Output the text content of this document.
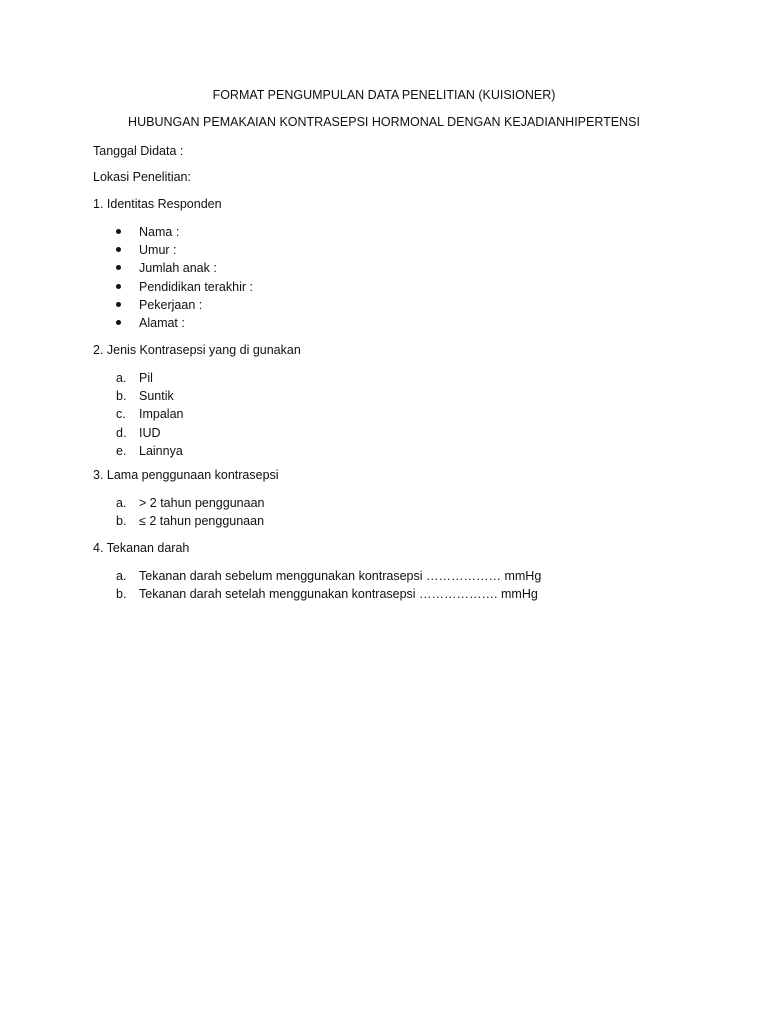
FORMAT PENGUMPULAN DATA PENELITIAN (KUISIONER)
HUBUNGAN PEMAKAIAN KONTRASEPSI HORMONAL DENGAN KEJADIANHIPERTENSI
Tanggal Didata :
Lokasi Penelitian:
1. Identitas Responden
Nama :
Umur :
Jumlah anak :
Pendidikan terakhir :
Pekerjaan :
Alamat :
2. Jenis Kontrasepsi yang di gunakan
a. Pil
b. Suntik
c. Impalan
d. IUD
e. Lainnya
3. Lama penggunaan kontrasepsi
a. > 2 tahun penggunaan
b. ≤ 2 tahun penggunaan
4. Tekanan darah
a. Tekanan darah sebelum menggunakan kontrasepsi ……………… mmHg
b. Tekanan darah setelah menggunakan kontrasepsi ………………. mmHg
